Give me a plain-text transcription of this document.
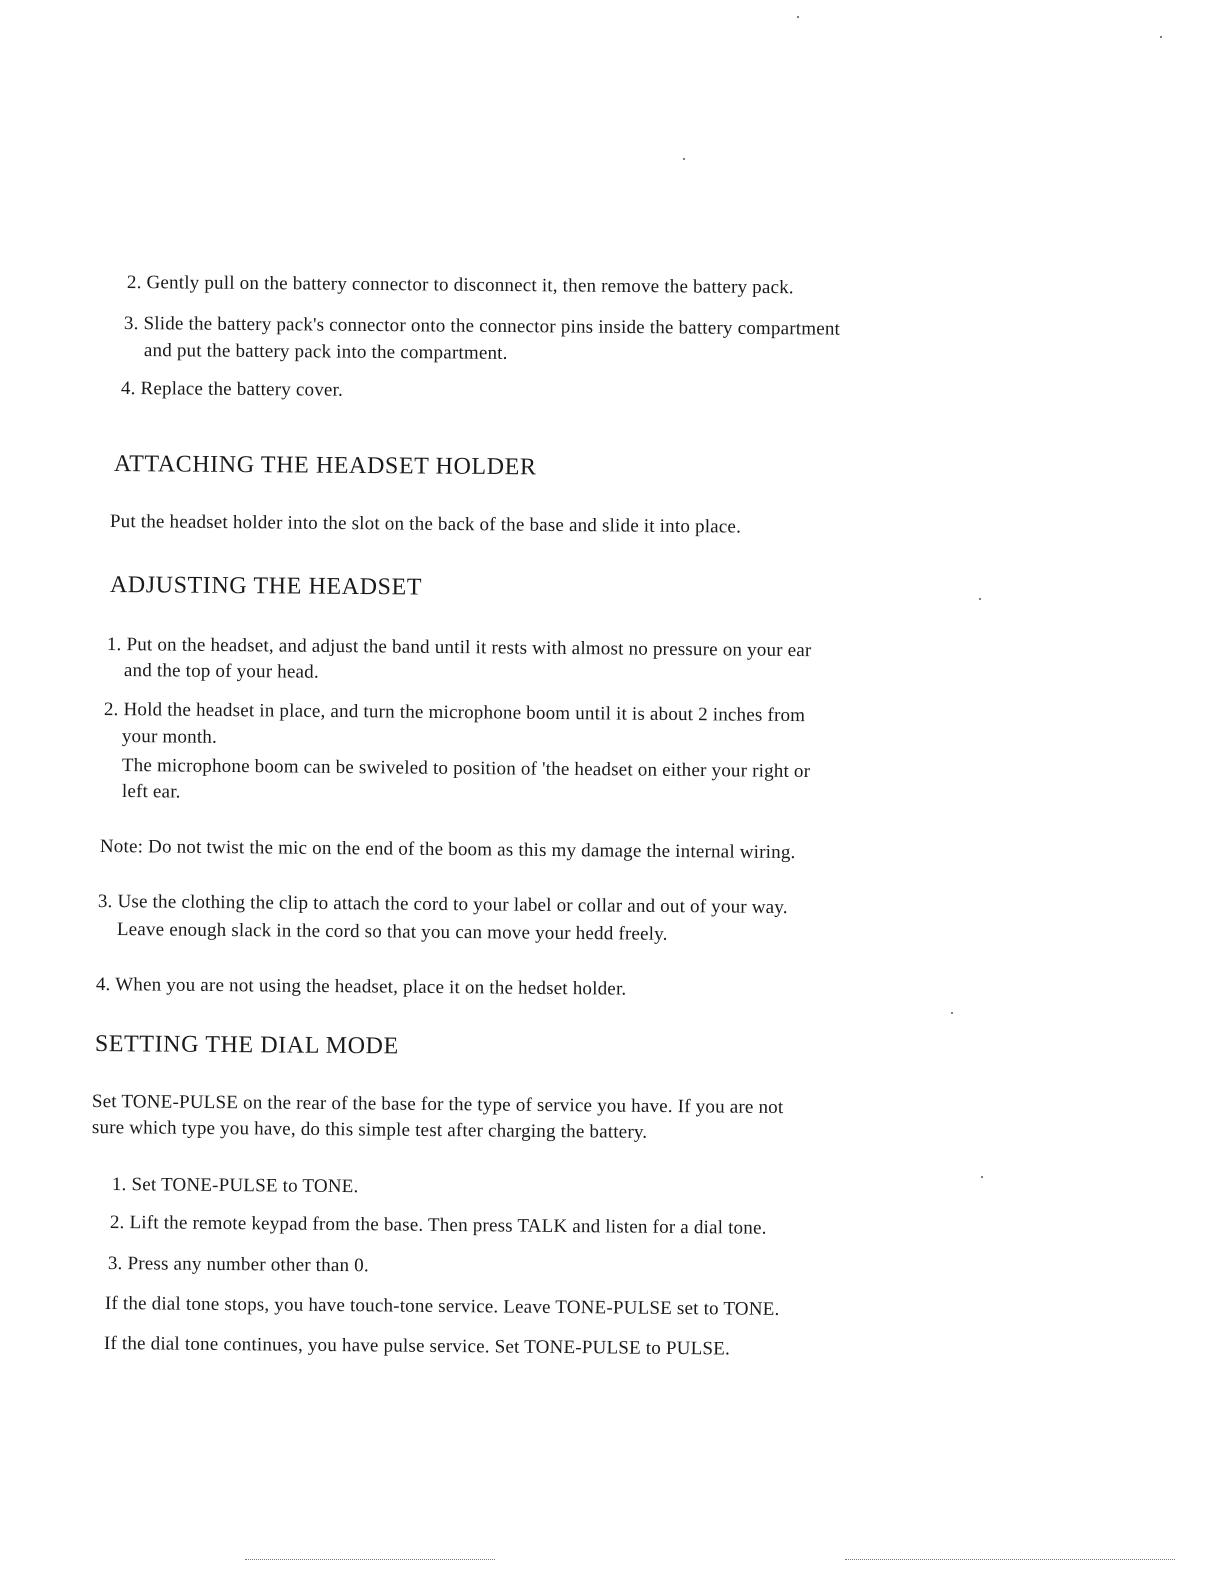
2. Gently pull on the battery connector to disconnect it, then remove the battery pack.
3. Slide the battery pack's connector onto the connector pins inside the battery compartment
and put the battery pack into the compartment.
4. Replace the battery cover.
ATTACHING THE HEADSET HOLDER
Put the headset holder into the slot on the back of the base and slide it into place.
ADJUSTING THE HEADSET
1. Put on the headset, and adjust the band until it rests with almost no pressure on your ear
and the top of your head.
2. Hold the headset in place, and turn the microphone boom until it is about 2 inches from
your month.
The microphone boom can be swiveled to position of 'the headset on either your right or
left ear.
Note: Do not twist the mic on the end of the boom as this my damage the internal wiring.
3. Use the clothing the clip to attach the cord to your label or collar and out of your way.
Leave enough slack in the cord so that you can move your hedd freely.
4. When you are not using the headset, place it on the hedset holder.
SETTING THE DIAL MODE
Set TONE-PULSE on the rear of the base for the type of service you have. If you are not
sure which type you have, do this simple test after charging the battery.
1. Set TONE-PULSE to TONE.
2. Lift the remote keypad from the base. Then press TALK and listen for a dial tone.
3. Press any number other than 0.
If the dial tone stops, you have touch-tone service. Leave TONE-PULSE set to TONE.
If the dial tone continues, you have pulse service. Set TONE-PULSE to PULSE.
